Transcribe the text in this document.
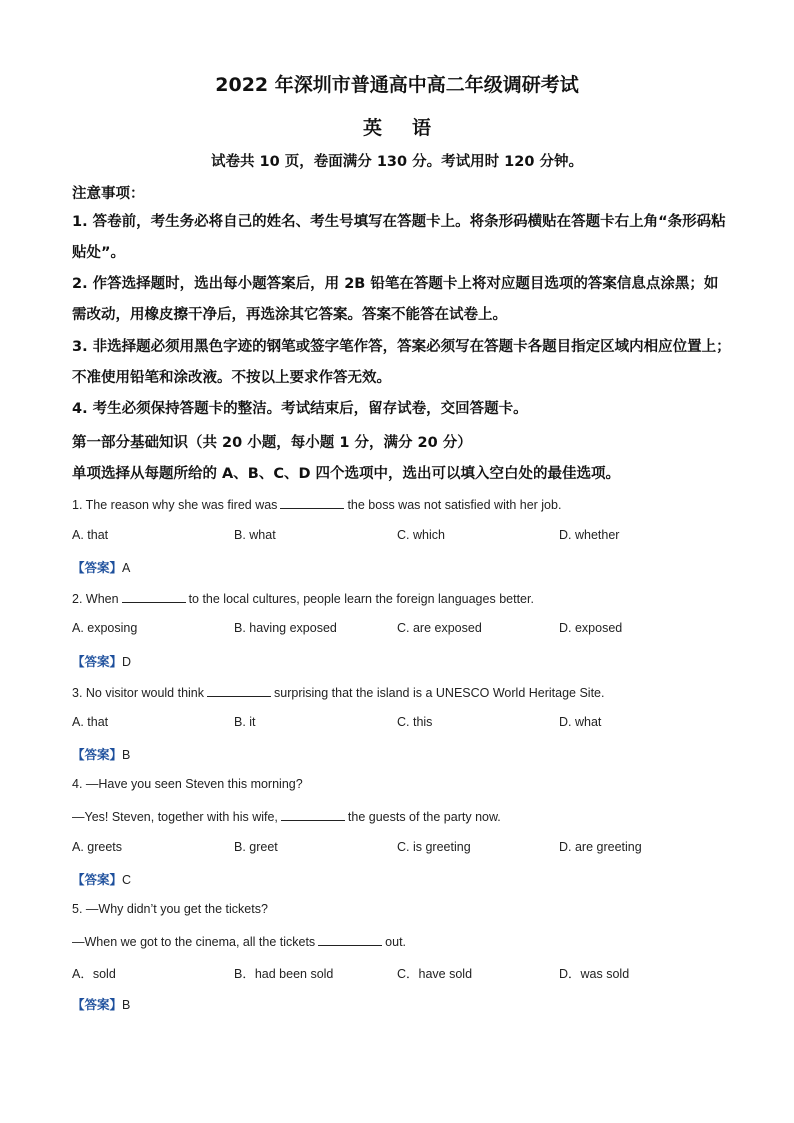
2022 年深圳市普通高中高二年级调研考试
英语
试卷共 10 页，卷面满分 130 分。考试用时 120 分钟。
注意事项：
1. 答卷前，考生务必将自己的姓名、考生号填写在答题卡上。将条形码横贴在答题卡右上角“条形码粘贴处”。
2. 作答选择题时，选出每小题答案后，用 2B 铅笔在答题卡上将对应题目选项的答案信息点涂黑；如需改动，用橡皮擦干净后，再选涂其它答案。答案不能答在试卷上。
3. 非选择题必须用黑色字迹的钢笔或签字笔作答，答案必须写在答题卡各题目指定区域内相应位置上；不准使用铅笔和涂改液。不按以上要求作答无效。
4. 考生必须保持答题卡的整洁。考试结束后，留存试卷，交回答题卡。
第一部分基础知识（共 20 小题，每小题 1 分，满分 20 分）
单项选择从每题所给的 A、B、C、D 四个选项中，选出可以填入空白处的最佳选项。
1. The reason why she was fired was	the boss was not satisfied with her job.
A. that	B. what	C. which	D. whether
【答案】A
2. When	to the local cultures, people learn the foreign languages better.
A. exposing	B. having exposed	C. are exposed	D. exposed
【答案】D
3. No visitor would think	surprising that the island is a UNESCO World Heritage Site.
A. that	B. it	C. this	D. what
【答案】B
4. —Have you seen Steven this morning?
—Yes! Steven, together with his wife,	the guests of the party now.
A. greets	B. greet	C. is greeting	D. are greeting
【答案】C
5. —Why didn’t you get the tickets?
—When we got to the cinema, all the tickets	out.
A．sold	B．had been sold	C．have sold	D．was sold
【答案】B
